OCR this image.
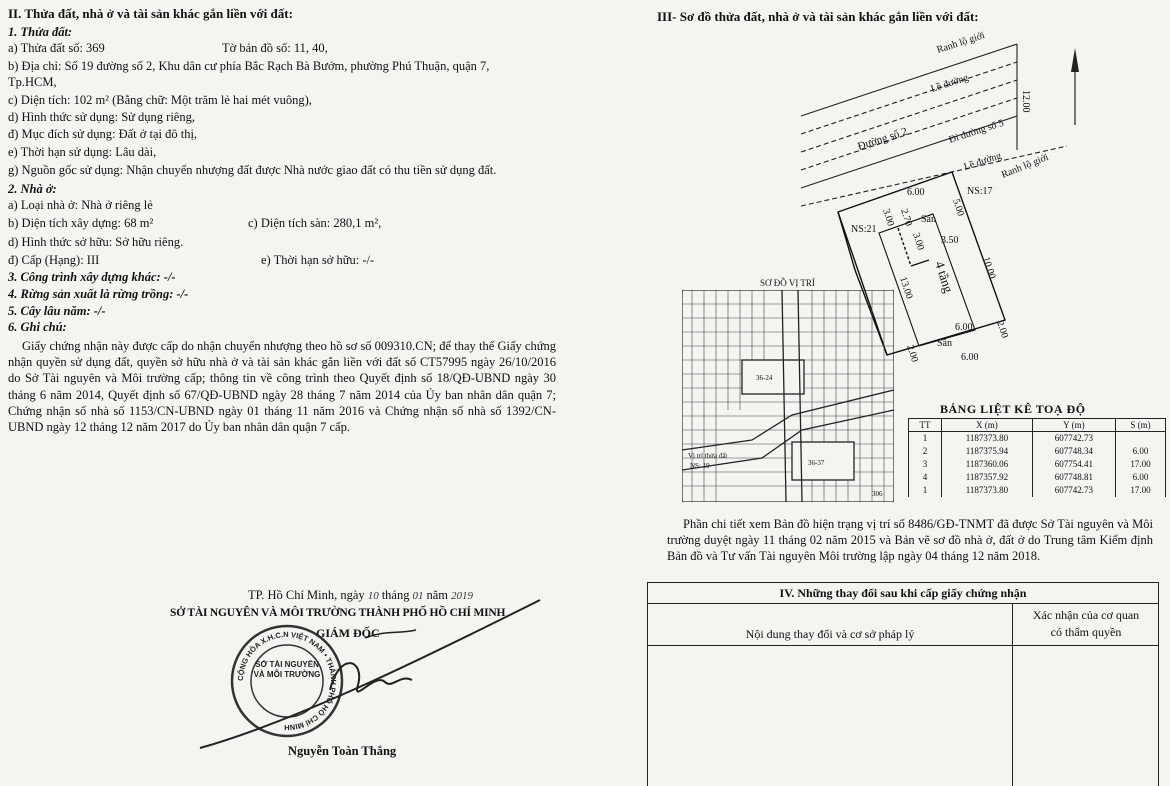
II. Thửa đất, nhà ở và tài sản khác gắn liền với đất:
1. Thửa đất:
a) Thửa đất số: 369	Tờ bản đồ số: 11, 40,
b) Địa chỉ: Số 19 đường số 2, Khu dân cư phía Bắc Rạch Bà Bướm, phường Phú Thuận, quận 7,
Tp.HCM,
c) Diện tích: 102 m² (Bằng chữ: Một trăm lẻ hai mét vuông),
d) Hình thức sử dụng: Sử dụng riêng,
đ) Mục đích sử dụng: Đất ở tại đô thị,
e) Thời hạn sử dụng: Lâu dài,
g) Nguồn gốc sử dụng: Nhận chuyển nhượng đất được Nhà nước giao đất có thu tiền sử dụng đất.
2. Nhà ở:
a) Loại nhà ở: Nhà ở riêng lẻ
b) Diện tích xây dựng: 68 m²	c) Diện tích sàn: 280,1 m²,
d) Hình thức sở hữu: Sở hữu riêng.
đ) Cấp (Hạng): III	e) Thời hạn sở hữu: -/-
3. Công trình xây dựng khác: -/-
4. Rừng sản xuất là rừng trồng: -/-
5. Cây lâu năm: -/-
6. Ghi chú:
Giấy chứng nhận này được cấp do nhận chuyển nhượng theo hồ sơ số 009310.CN; để thay thế Giấy chứng nhận quyền sử dụng đất, quyền sở hữu nhà ở và tài sản khác gắn liền với đất số CT57995 ngày 26/10/2016 do Sở Tài nguyên và Môi trường cấp; thông tin về công trình theo Quyết định số 18/QĐ-UBND ngày 30 tháng 6 năm 2014, Quyết định số 67/QĐ-UBND ngày 28 tháng 7 năm 2014 của Ủy ban nhân dân quận 7; Chứng nhận số nhà số 1153/CN-UBND ngày 01 tháng 11 năm 2016 và Chứng nhận số nhà số 1392/CN-UBND ngày 12 tháng 12 năm 2017 do Ủy ban nhân dân quận 7 cấp.
TP. Hồ Chí Minh, ngày 10 tháng 01 năm 2019
SỞ TÀI NGUYÊN VÀ MÔI TRƯỜNG THÀNH PHỐ HỒ CHÍ MINH
GIÁM ĐỐC
CỘNG HÒA X.H.C.N VIỆT NAM • THÀNH PHỐ HỒ CHÍ MINH
SỞ TÀI NGUYÊN VÀ MÔI TRƯỜNG
Nguyễn Toàn Thắng
III- Sơ đồ thửa đất, nhà ở và tài sản khác gắn liền với đất:
Ranh lộ giới
Lề đường
Đường số 2	Đi đường số 5
Lề đường
Ranh lộ giới
12.00
NS:17
NS:21
6.00
5.00
3.00 2.70 Sân
3.00 3.50
4 tầng
13.00
10.00
6.00 2.00
Sân
2.00	6.00
SƠ ĐỒ VỊ TRÍ
36-24
36-37
Vị trí thửa đất
NS: 19
306
BẢNG LIỆT KÊ TOẠ ĐỘ
TT	X (m)	Y (m)	S (m)
1	1187373.80	607742.73	
2	1187375.94	607748.34	6.00
3	1187360.06	607754.41	17.00
4	1187357.92	607748.81	6.00
1	1187373.80	607742.73	17.00
Phần chi tiết xem Bản đồ hiện trạng vị trí số 8486/GĐ-TNMT đã được Sở Tài nguyên và Môi trường duyệt ngày 11 tháng 02 năm 2015 và Bản vẽ sơ đồ nhà ở, đất ở do Trung tâm Kiểm định Bản đồ và Tư vấn Tài nguyên Môi trường lập ngày 04 tháng 12 năm 2018.
IV. Những thay đổi sau khi cấp giấy chứng nhận
Nội dung thay đổi và cơ sở pháp lý
Xác nhận của cơ quan
có thẩm quyền
